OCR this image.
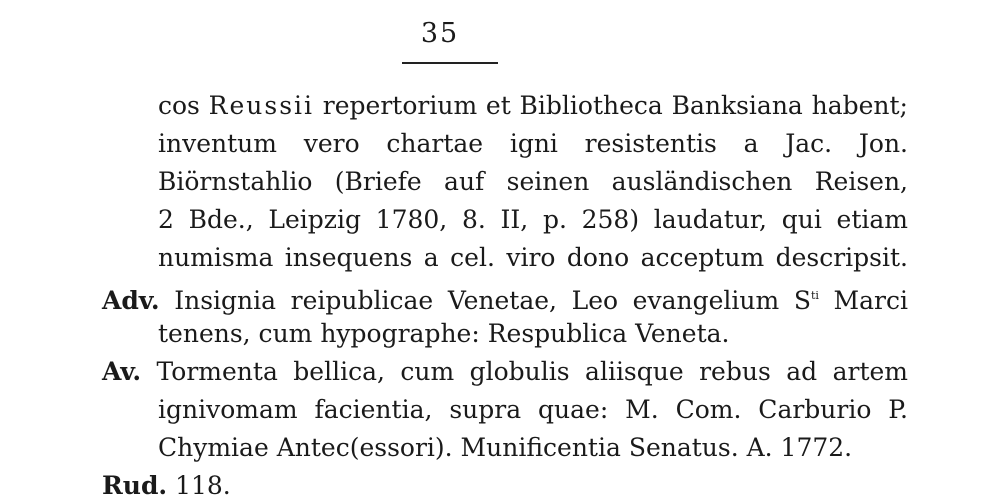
35
cos Reussii repertorium et Bibliotheca Banksiana habent;
inventum vero chartae igni resistentis a Jac. Jon.
Biörnstahlio (Briefe auf seinen ausländischen Reisen,
2 Bde., Leipzig 1780, 8. II, p. 258) laudatur, qui etiam
numisma insequens a cel. viro dono acceptum descripsit.
Adv. Insignia reipublicae Venetae, Leo evangelium $S^{ti}$ Marci
tenens, cum hypographe: Respublica Veneta.
Av. Tormenta bellica, cum globulis aliisque rebus ad artem
ignivomam facientia, supra quae: M. Com. Carburio P.
Chymiae Antec(essori). Munificentia Senatus. A. 1772.
Rud. 118.
